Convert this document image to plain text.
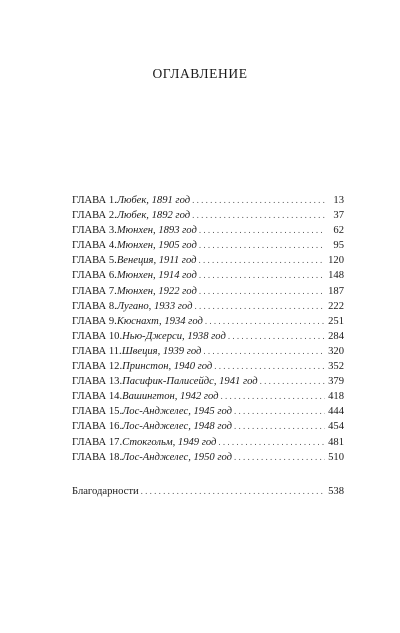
ОГЛАВЛЕНИЕ
ГЛАВА 1. Любек, 1891 год . . .	13
ГЛАВА 2. Любек, 1892 год . . .	37
ГЛАВА 3. Мюнхен, 1893 год . . .	62
ГЛАВА 4. Мюнхен, 1905 год . . .	95
ГЛАВА 5. Венеция, 1911 год . . .	120
ГЛАВА 6. Мюнхен, 1914 год . . .	148
ГЛАВА 7. Мюнхен, 1922 год . . .	187
ГЛАВА 8. Лугано, 1933 год . . .	222
ГЛАВА 9. Кюснахт, 1934 год . . .	251
ГЛАВА 10. Нью-Джерси, 1938 год . . .	284
ГЛАВА 11. Швеция, 1939 год . . .	320
ГЛАВА 12. Принстон, 1940 год . . .	352
ГЛАВА 13. Пасифик-Палисейдс, 1941 год . . .	379
ГЛАВА 14. Вашингтон, 1942 год . . .	418
ГЛАВА 15. Лос-Анджелес, 1945 год . . .	444
ГЛАВА 16. Лос-Анджелес, 1948 год . . .	454
ГЛАВА 17. Стокгольм, 1949 год . . .	481
ГЛАВА 18. Лос-Анджелес, 1950 год . . .	510
Благодарности . . .	538
